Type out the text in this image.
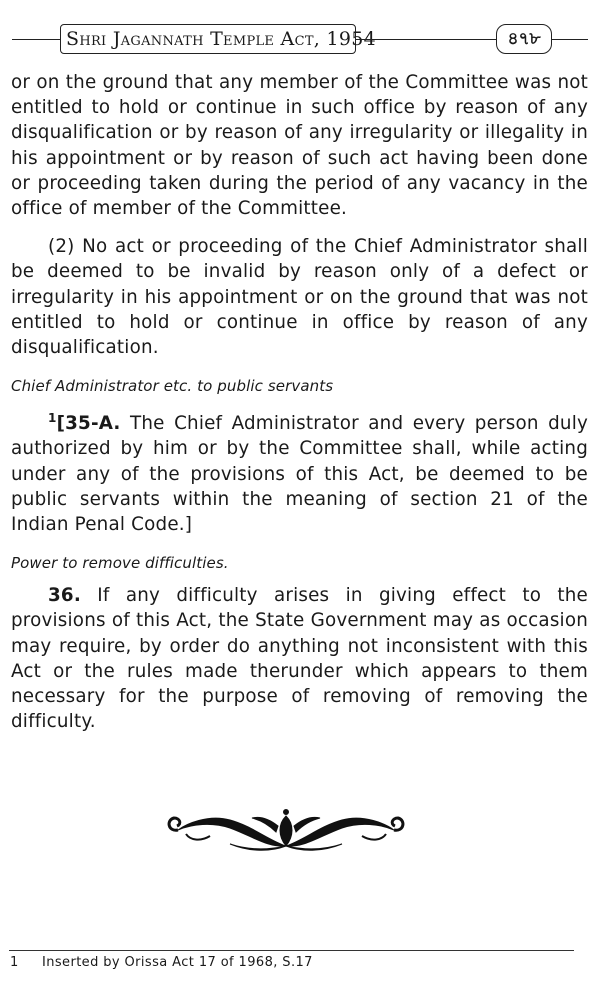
Shri Jagannath Temple Act, 1954	৪৭৮

or on the ground that any member of the Committee was not entitled to hold or continue in such office by reason of any disqualification or by reason of any irregularity or illegality in his appointment or by reason of such act having been done or proceeding taken during the period of any vacancy in the office of member of the Committee.

(2) No act or proceeding of the Chief Administrator shall be deemed to be invalid by reason only of a defect or irregularity in his appointment or on the ground that was not entitled to hold or continue in office by reason of any disqualification.

Chief Administrator etc. to public servants

$^1$[35-A. The Chief Administrator and every person duly authorized by him or by the Committee shall, while acting under any of the provisions of this Act, be deemed to be public servants within the meaning of section 21 of the Indian Penal Code.]

Power to remove difficulties.

36. If any difficulty arises in giving effect to the provisions of this Act, the State Government may as occasion may require, by order do anything not inconsistent with this Act or the rules made therunder which appears to them necessary for the purpose of removing of removing the difficulty.

1 Inserted by Orissa Act 17 of 1968, S.17
